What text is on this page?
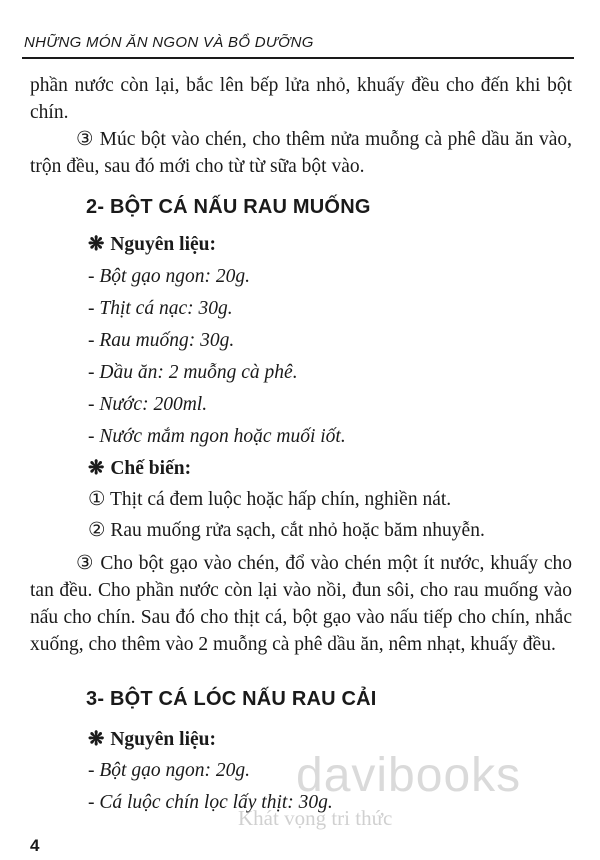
NHỮNG MÓN ĂN NGON VÀ BỔ DƯỠNG
phần nước còn lại, bắc lên bếp lửa nhỏ, khuấy đều cho đến khi bột chín.
③ Múc bột vào chén, cho thêm nửa muỗng cà phê dầu ăn vào, trộn đều, sau đó mới cho từ từ sữa bột vào.
2- BỘT CÁ NẤU RAU MUỐNG
❋ Nguyên liệu:
- Bột gạo ngon: 20g.
- Thịt cá nạc: 30g.
- Rau muống: 30g.
- Dầu ăn: 2 muỗng cà phê.
- Nước: 200ml.
- Nước mắm ngon hoặc muối iốt.
❋ Chế biến:
① Thịt cá đem luộc hoặc hấp chín, nghiền nát.
② Rau muống rửa sạch, cắt nhỏ hoặc băm nhuyễn.
③ Cho bột gạo vào chén, đổ vào chén một ít nước, khuấy cho tan đều. Cho phần nước còn lại vào nồi, đun sôi, cho rau muống vào nấu cho chín. Sau đó cho thịt cá, bột gạo vào nấu tiếp cho chín, nhắc xuống, cho thêm vào 2 muỗng cà phê dầu ăn, nêm nhạt, khuấy đều.
3- BỘT CÁ LÓC NẤU RAU CẢI
❋ Nguyên liệu:
- Bột gạo ngon: 20g.
- Cá luộc chín lọc lấy thịt: 30g.
davibooks
Khát vọng tri thức
4
